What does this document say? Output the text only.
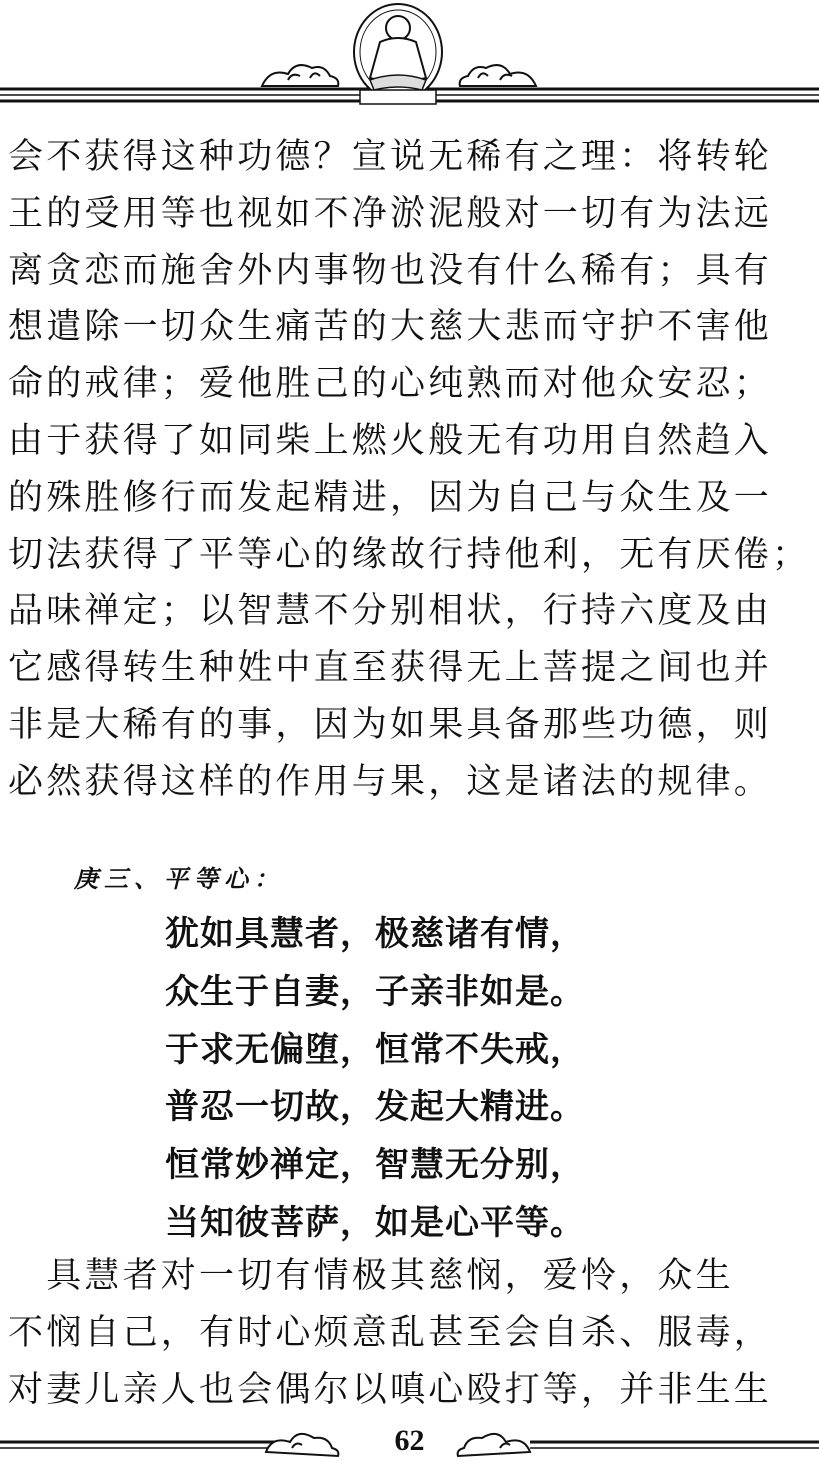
会不获得这种功德？宣说无稀有之理：将转轮
王的受用等也视如不净淤泥般对一切有为法远
离贪恋而施舍外内事物也没有什么稀有；具有
想遣除一切众生痛苦的大慈大悲而守护不害他
命的戒律；爱他胜己的心纯熟而对他众安忍；
由于获得了如同柴上燃火般无有功用自然趋入
的殊胜修行而发起精进，因为自己与众生及一
切法获得了平等心的缘故行持他利，无有厌倦；
品味禅定；以智慧不分别相状，行持六度及由
它感得转生种姓中直至获得无上菩提之间也并
非是大稀有的事，因为如果具备那些功德，则
必然获得这样的作用与果，这是诸法的规律。
庚三、平等心：
犹如具慧者，极慈诸有情，
众生于自妻，子亲非如是。
于求无偏堕，恒常不失戒，
普忍一切故，发起大精进。
恒常妙禅定，智慧无分别，
当知彼菩萨，如是心平等。
　具慧者对一切有情极其慈悯，爱怜，众生
不悯自己，有时心烦意乱甚至会自杀、服毒，
对妻儿亲人也会偶尔以嗔心殴打等，并非生生
62
